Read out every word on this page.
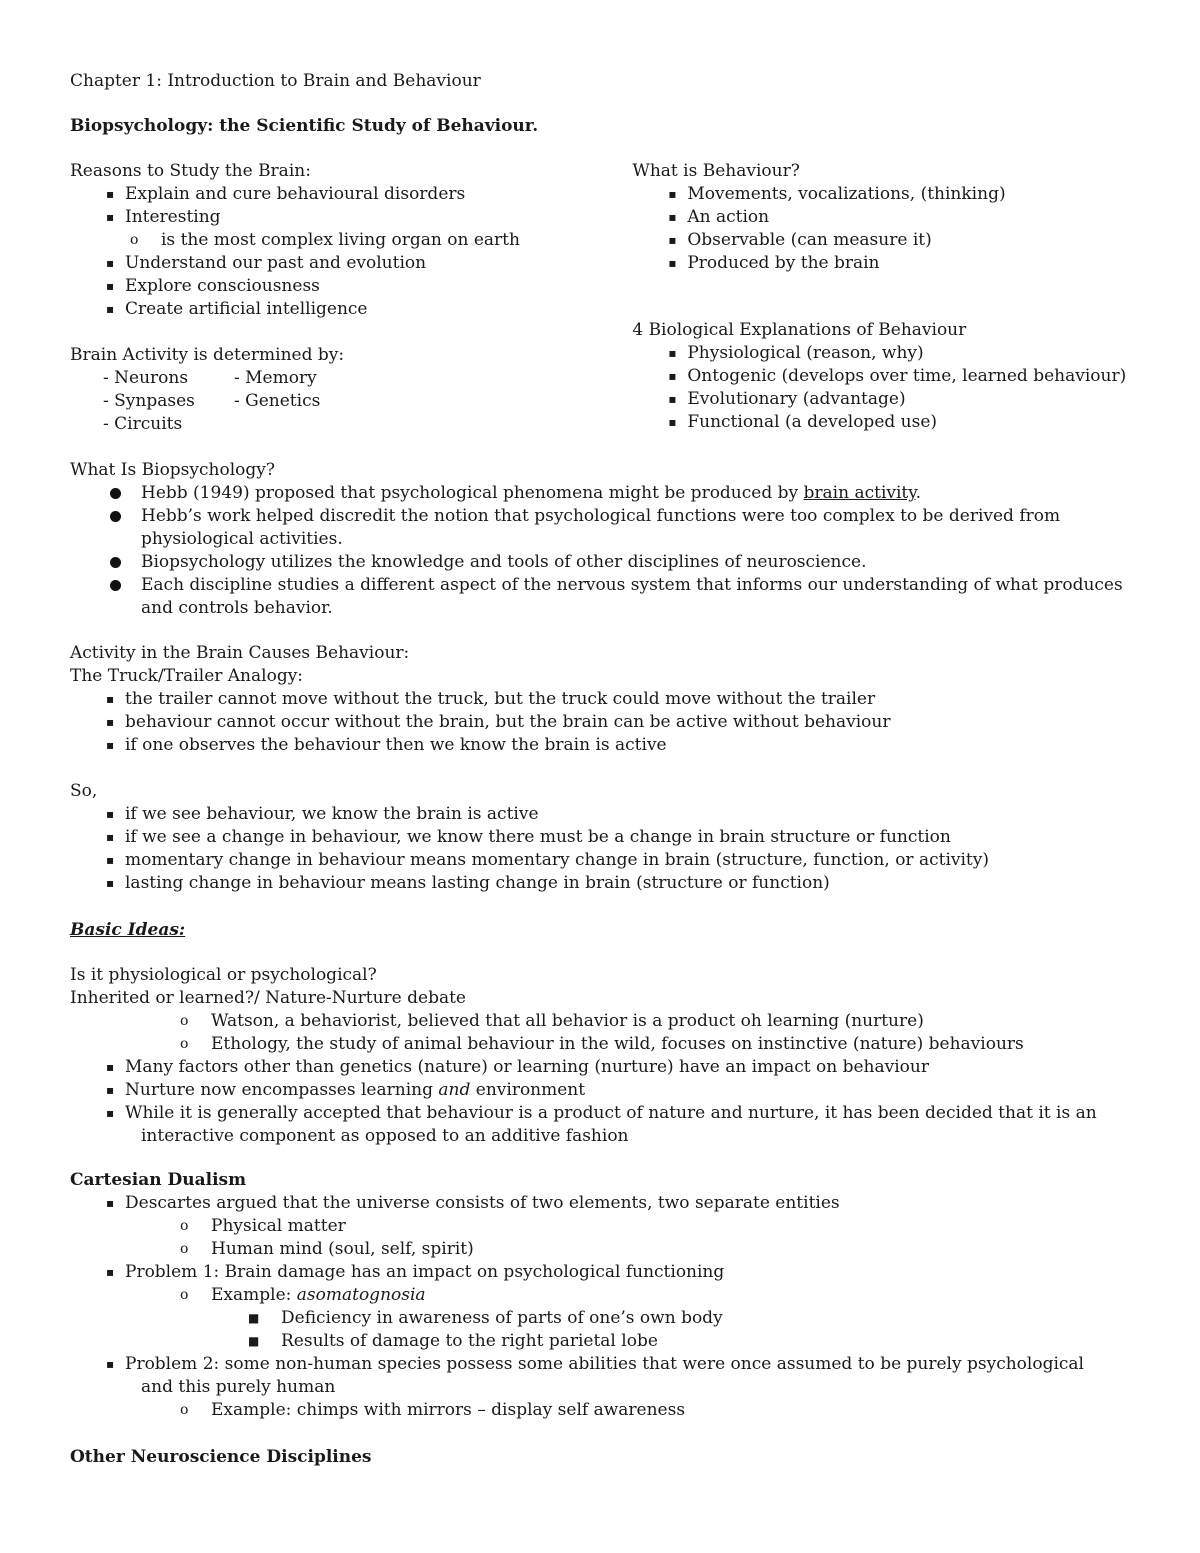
Chapter 1: Introduction to Brain and Behaviour
Biopsychology: the Scientific Study of Behaviour.
Reasons to Study the Brain:
▪ Explain and cure behavioural disorders
▪ Interesting
o is the most complex living organ on earth
▪ Understand our past and evolution
▪ Explore consciousness
▪ Create artificial intelligence
Brain Activity is determined by:
- Neurons
- Synpases
- Circuits
- Memory
- Genetics
What is Behaviour?
▪ Movements, vocalizations, (thinking)
▪ An action
▪ Observable (can measure it)
▪ Produced by the brain
4 Biological Explanations of Behaviour
▪ Physiological (reason, why)
▪ Ontogenic (develops over time, learned behaviour)
▪ Evolutionary (advantage)
▪ Functional (a developed use)
What Is Biopsychology?
Hebb (1949) proposed that psychological phenomena might be produced by brain activity.
Hebb’s work helped discredit the notion that psychological functions were too complex to be derived from physiological activities.
Biopsychology utilizes the knowledge and tools of other disciplines of neuroscience.
Each discipline studies a different aspect of the nervous system that informs our understanding of what produces and controls behavior.
Activity in the Brain Causes Behaviour:
The Truck/Trailer Analogy:
▪ the trailer cannot move without the truck, but the truck could move without the trailer
▪ behaviour cannot occur without the brain, but the brain can be active without behaviour
▪ if one observes the behaviour then we know the brain is active
So,
▪ if we see behaviour, we know the brain is active
▪ if we see a change in behaviour, we know there must be a change in brain structure or function
▪ momentary change in behaviour means momentary change in brain (structure, function, or activity)
▪ lasting change in behaviour means lasting change in brain (structure or function)
Basic Ideas:
Is it physiological or psychological?
Inherited or learned?/ Nature-Nurture debate
o Watson, a behaviorist, believed that all behavior is a product oh learning (nurture)
o Ethology, the study of animal behaviour in the wild, focuses on instinctive (nature) behaviours
▪ Many factors other than genetics (nature) or learning (nurture) have an impact on behaviour
▪ Nurture now encompasses learning and environment
▪ While it is generally accepted that behaviour is a product of nature and nurture, it has been decided that it is an interactive component as opposed to an additive fashion
Cartesian Dualism
▪ Descartes argued that the universe consists of two elements, two separate entities
o Physical matter
o Human mind (soul, self, spirit)
▪ Problem 1: Brain damage has an impact on psychological functioning
o Example: asomatognosia
■ Deficiency in awareness of parts of one’s own body
■ Results of damage to the right parietal lobe
▪ Problem 2: some non-human species possess some abilities that were once assumed to be purely psychological and this purely human
o Example: chimps with mirrors – display self awareness
Other Neuroscience Disciplines
